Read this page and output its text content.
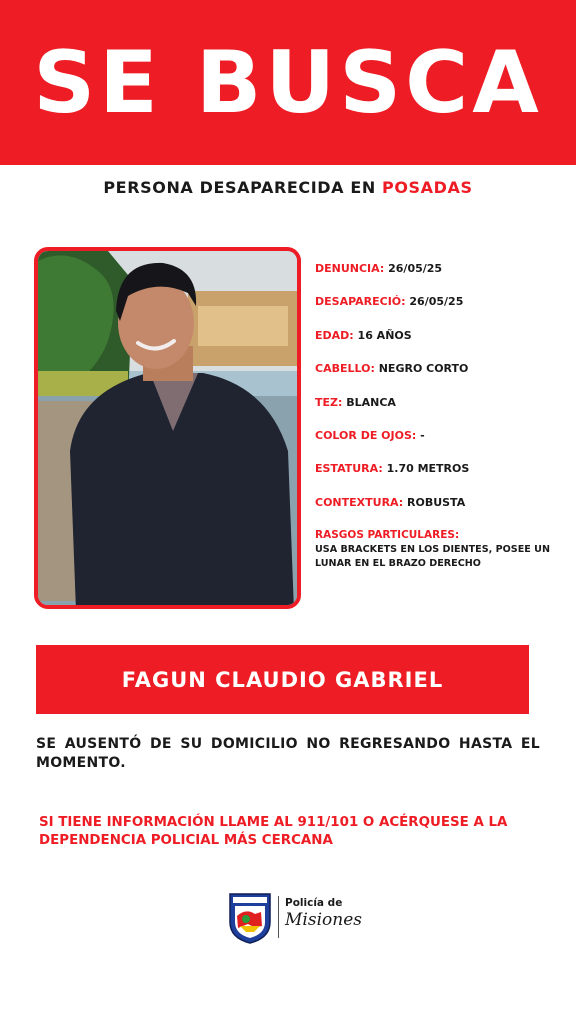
SE BUSCA
PERSONA DESAPARECIDA EN POSADAS
DENUNCIA: 26/05/25
DESAPARECIÓ: 26/05/25
EDAD: 16 AÑOS
CABELLO: NEGRO CORTO
TEZ: BLANCA
COLOR DE OJOS: -
ESTATURA: 1.70 METROS
CONTEXTURA: ROBUSTA
RASGOS PARTICULARES:
USA BRACKETS EN LOS DIENTES, POSEE UN LUNAR EN EL BRAZO DERECHO
FAGUN CLAUDIO GABRIEL
SE AUSENTÓ DE SU DOMICILIO NO REGRESANDO HASTA EL MOMENTO.
SI TIENE INFORMACIÓN LLAME AL 911/101 O ACÉRQUESE A LA DEPENDENCIA POLICIAL MÁS CERCANA
Policía de
Misiones
